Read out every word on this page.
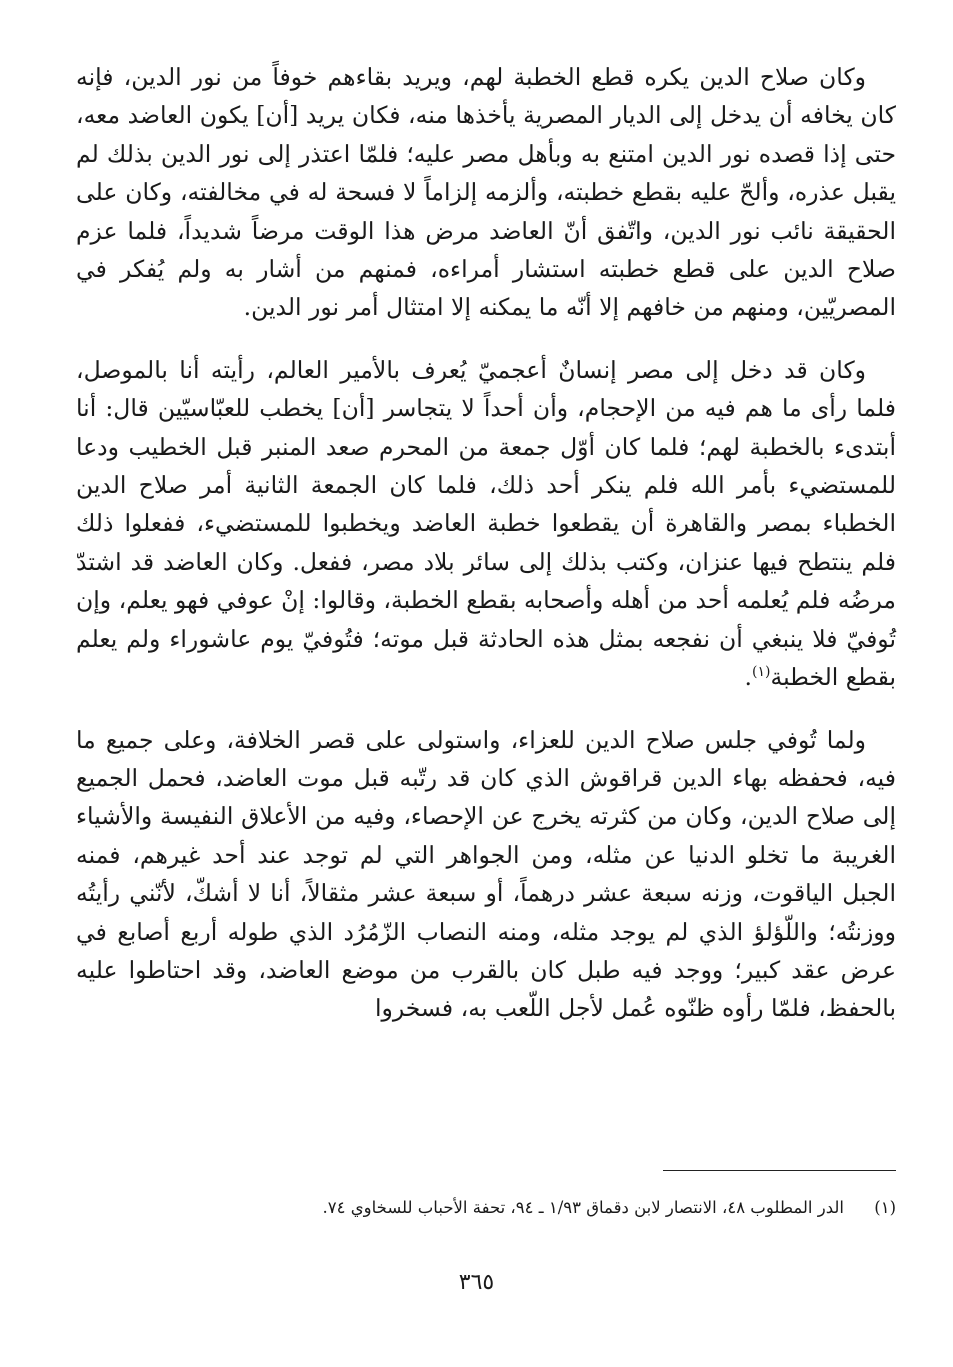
وكان صلاح الدين يكره قطع الخطبة لهم، ويريد بقاءهم خوفاً من نور الدين، فإنه كان يخافه أن يدخل إلى الديار المصرية يأخذها منه، فكان يريد [أن] يكون العاضد معه، حتى إذا قصده نور الدين امتنع به وبأهل مصر عليه؛ فلمّا اعتذر إلى نور الدين بذلك لم يقبل عذره، وألحّ عليه بقطع خطبته، وألزمه إلزاماً لا فسحة له في مخالفته، وكان على الحقيقة نائب نور الدين، واتّفق أنّ العاضد مرض هذا الوقت مرضاً شديداً، فلما عزم صلاح الدين على قطع خطبته استشار أمراءه، فمنهم من أشار به ولم يُفكر في المصريّين، ومنهم من خافهم إلا أنّه ما يمكنه إلا امتثال أمر نور الدين.

وكان قد دخل إلى مصر إنسانٌ أعجميّ يُعرف بالأمير العالم، رأيته أنا بالموصل، فلما رأى ما هم فيه من الإحجام، وأن أحداً لا يتجاسر [أن] يخطب للعبّاسيّين قال: أنا أبتدىء بالخطبة لهم؛ فلما كان أوّل جمعة من المحرم صعد المنبر قبل الخطيب ودعا للمستضيء بأمر الله فلم ينكر أحد ذلك، فلما كان الجمعة الثانية أمر صلاح الدين الخطباء بمصر والقاهرة أن يقطعوا خطبة العاضد ويخطبوا للمستضيء، ففعلوا ذلك فلم ينتطح فيها عنزان، وكتب بذلك إلى سائر بلاد مصر، ففعل. وكان العاضد قد اشتدّ مرضُه فلم يُعلمه أحد من أهله وأصحابه بقطع الخطبة، وقالوا: إنْ عوفي فهو يعلم، وإن تُوفيّ فلا ينبغي أن نفجعه بمثل هذه الحادثة قبل موته؛ فتُوفيّ يوم عاشوراء ولم يعلم بقطع الخطبة$^{(١)}$.

ولما تُوفي جلس صلاح الدين للعزاء، واستولى على قصر الخلافة، وعلى جميع ما فيه، فحفظه بهاء الدين قراقوش الذي كان قد رتّبه قبل موت العاضد، فحمل الجميع إلى صلاح الدين، وكان من كثرته يخرج عن الإحصاء، وفيه من الأعلاق النفيسة والأشياء الغريبة ما تخلو الدنيا عن مثله، ومن الجواهر التي لم توجد عند أحد غيرهم، فمنه الجبل الياقوت، وزنه سبعة عشر درهماً، أو سبعة عشر مثقالاً، أنا لا أشكّ، لأنّني رأيتُه ووزنتُه؛ واللّؤلؤ الذي لم يوجد مثله، ومنه النصاب الزّمُرُد الذي طوله أربع أصابع في عرض عقد كبير؛ ووجد فيه طبل كان بالقرب من موضع العاضد، وقد احتاطوا عليه بالحفظ، فلمّا رأوه ظنّوه عُمل لأجل اللّعب به، فسخروا

(١)الدر المطلوب ٤٨، الانتصار لابن دقماق ١/٩٣ ـ ٩٤، تحفة الأحباب للسخاوي ٧٤.
٣٦٥
